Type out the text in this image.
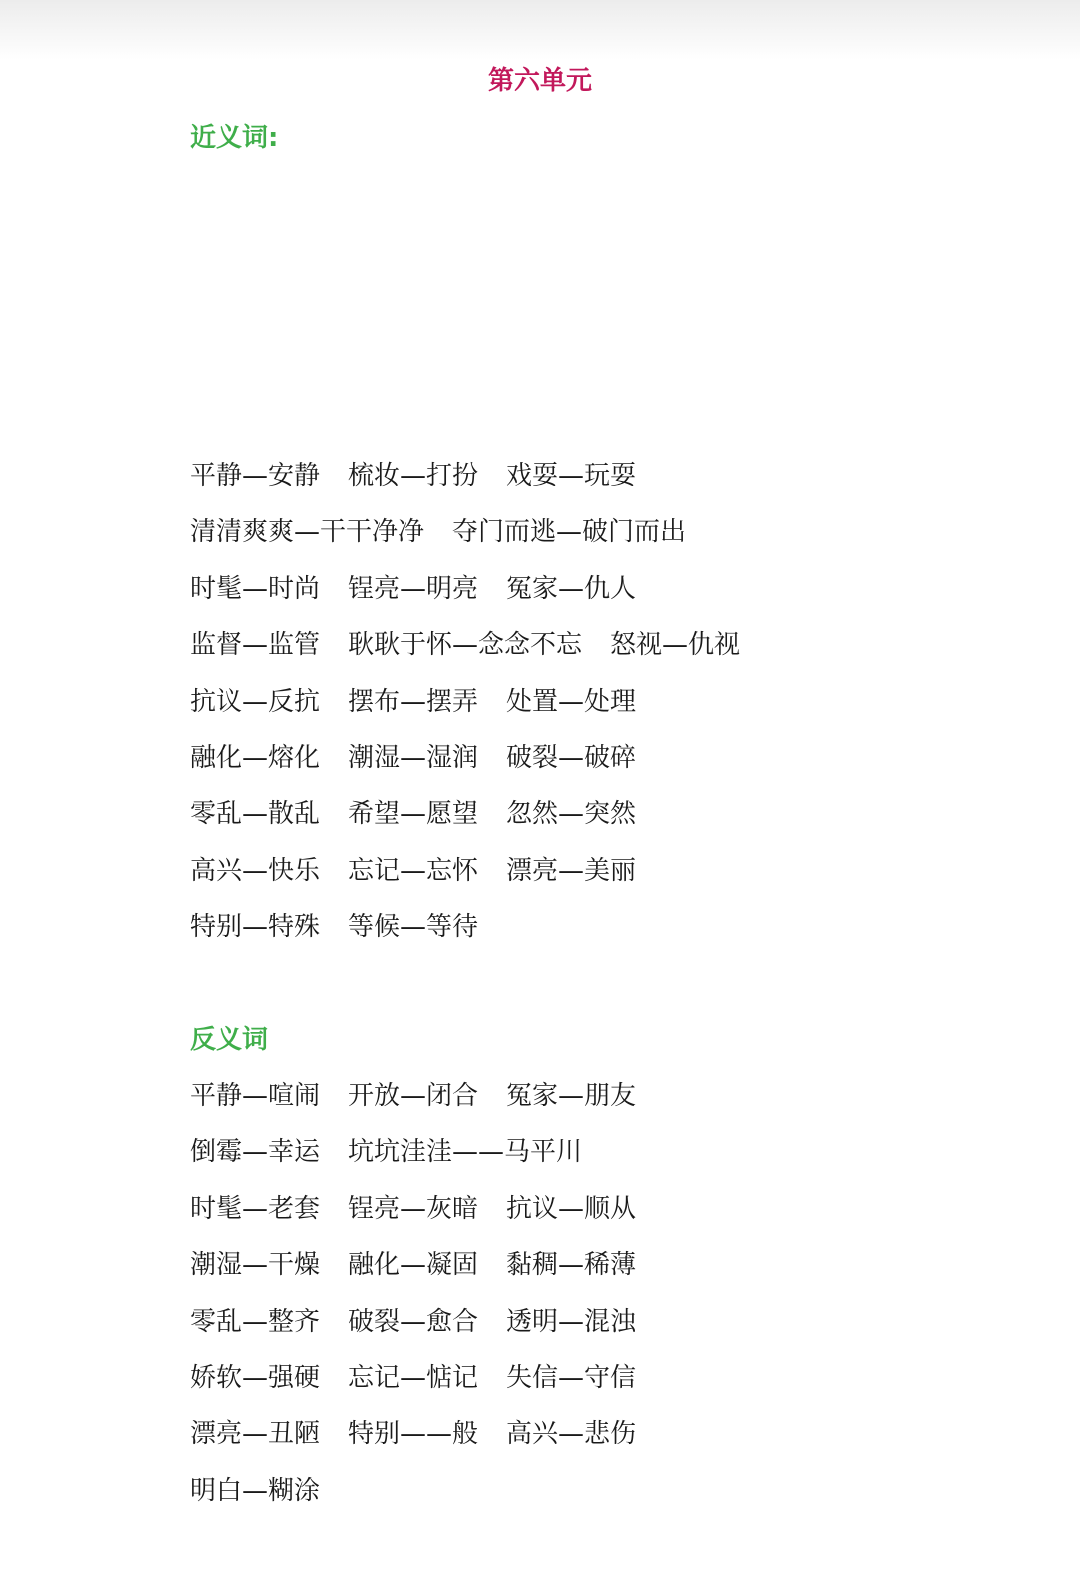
第六单元
近义词:
平静—安静 梳妆—打扮 戏耍—玩耍
清清爽爽—干干净净 夺门而逃—破门而出
时髦—时尚 锃亮—明亮 冤家—仇人
监督—监管 耿耿于怀—念念不忘 怒视—仇视
抗议—反抗 摆布—摆弄 处置—处理
融化—熔化 潮湿—湿润 破裂—破碎
零乱—散乱 希望—愿望 忽然—突然
高兴—快乐 忘记—忘怀 漂亮—美丽
特别—特殊 等候—等待
反义词
平静—喧闹 开放—闭合 冤家—朋友
倒霉—幸运 坑坑洼洼——马平川
时髦—老套 锃亮—灰暗 抗议—顺从
潮湿—干燥 融化—凝固 黏稠—稀薄
零乱—整齐 破裂—愈合 透明—混浊
娇软—强硬 忘记—惦记 失信—守信
漂亮—丑陋 特别——般 高兴—悲伤
明白—糊涂
